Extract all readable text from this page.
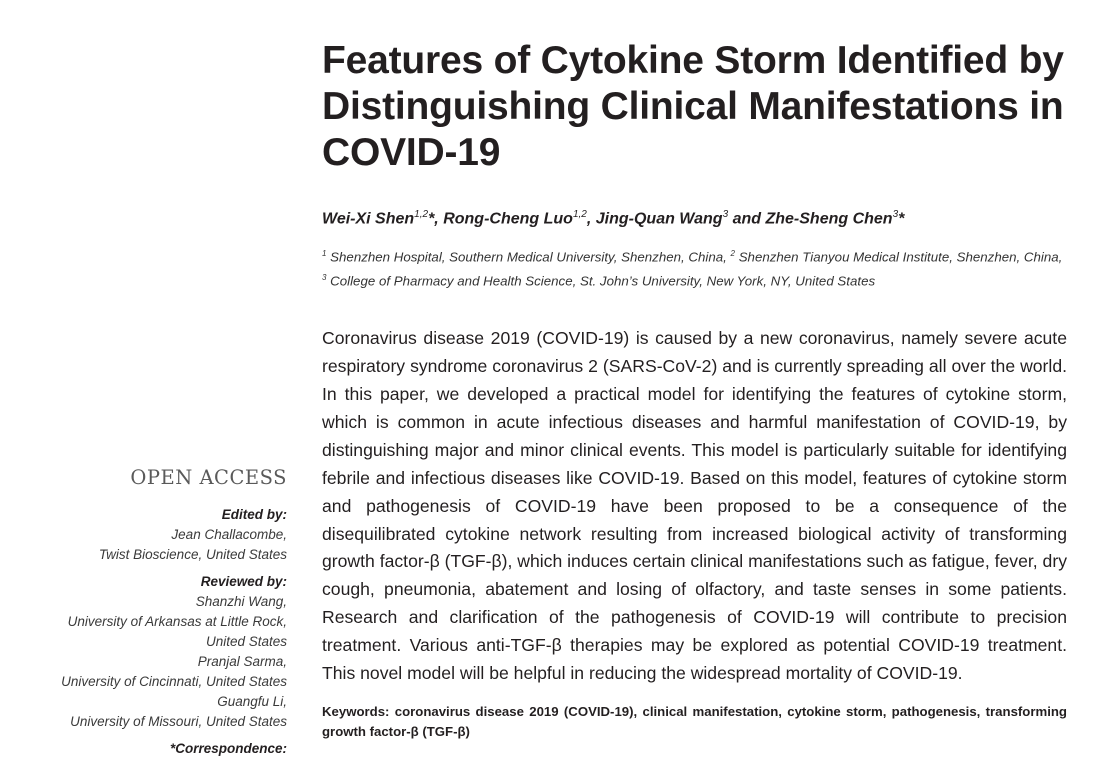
OPEN ACCESS
Edited by:
Jean Challacombe,
Twist Bioscience, United States
Reviewed by:
Shanzhi Wang,
University of Arkansas at Little Rock,
United States
Pranjal Sarma,
University of Cincinnati, United States
Guangfu Li,
University of Missouri, United States
*Correspondence:
Features of Cytokine Storm Identified by Distinguishing Clinical Manifestations in COVID-19
Wei-Xi Shen$^{1,2}$*, Rong-Cheng Luo$^{1,2}$, Jing-Quan Wang$^3$ and Zhe-Sheng Chen$^3$*
$^1$ Shenzhen Hospital, Southern Medical University, Shenzhen, China, $^2$ Shenzhen Tianyou Medical Institute, Shenzhen, China,
$^3$ College of Pharmacy and Health Science, St. John’s University, New York, NY, United States
Coronavirus disease 2019 (COVID-19) is caused by a new coronavirus, namely severe acute respiratory syndrome coronavirus 2 (SARS-CoV-2) and is currently spreading all over the world. In this paper, we developed a practical model for identifying the features of cytokine storm, which is common in acute infectious diseases and harmful manifestation of COVID-19, by distinguishing major and minor clinical events. This model is particularly suitable for identifying febrile and infectious diseases like COVID-19. Based on this model, features of cytokine storm and pathogenesis of COVID-19 have been proposed to be a consequence of the disequilibrated cytokine network resulting from increased biological activity of transforming growth factor-β (TGF-β), which induces certain clinical manifestations such as fatigue, fever, dry cough, pneumonia, abatement and losing of olfactory, and taste senses in some patients. Research and clarification of the pathogenesis of COVID-19 will contribute to precision treatment. Various anti-TGF-β therapies may be explored as potential COVID-19 treatment. This novel model will be helpful in reducing the widespread mortality of COVID-19.
Keywords: coronavirus disease 2019 (COVID-19), clinical manifestation, cytokine storm, pathogenesis, transforming growth factor-β (TGF-β)
